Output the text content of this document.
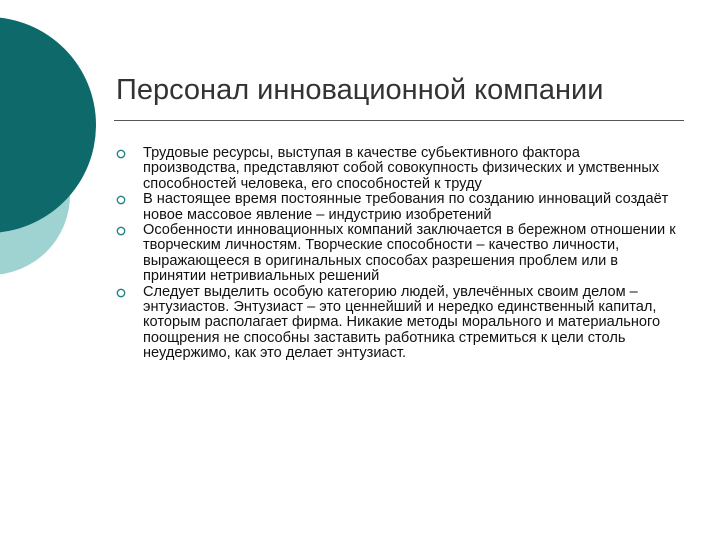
Персонал инновационной компании
Трудовые ресурсы, выступая в качестве субьективного фактора производства, представляют собой совокупность физических и умственных способностей человека, его способностей к труду
В настоящее время постоянные требования по созданию инноваций создаёт новое массовое явление – индустрию изобретений
Особенности инновационных компаний заключается в бережном отношении к творческим личностям. Творческие способности – качество личности, выражающееся в оригинальных способах разрешения проблем или в принятии нетривиальных решений
Следует выделить особую категорию людей, увлечённых своим делом – энтузиастов. Энтузиаст – это ценнейший и нередко единственный капитал, которым располагает фирма. Никакие методы морального и материального поощрения не способны заставить работника стремиться к цели столь неудержимо, как это делает энтузиаст.
